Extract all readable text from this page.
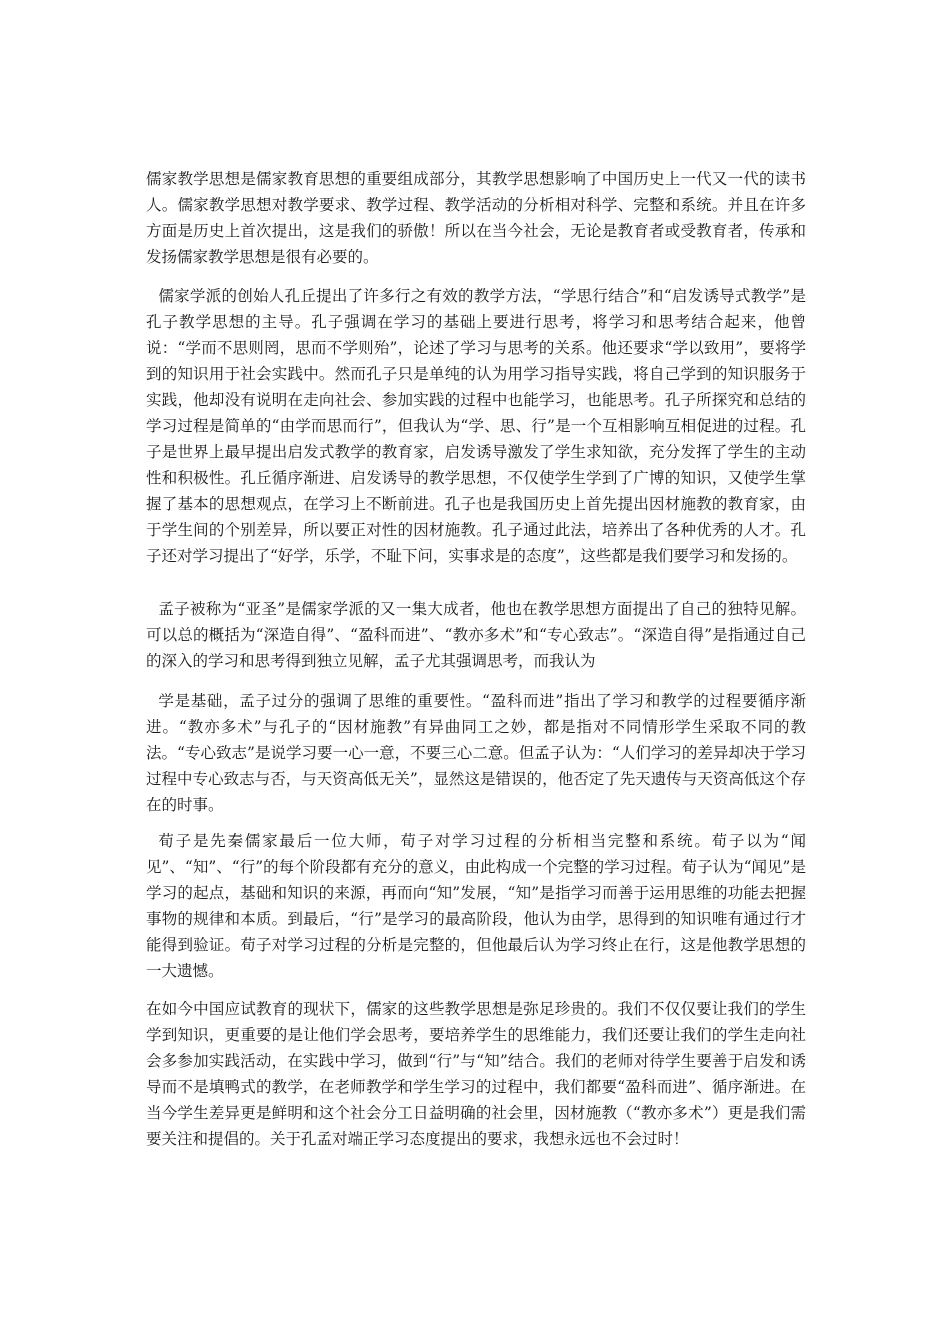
儒家教学思想是儒家教育思想的重要组成部分，其教学思想影响了中国历史上一代又一代的读书人。儒家教学思想对教学要求、教学过程、教学活动的分析相对科学、完整和系统。并且在许多方面是历史上首次提出，这是我们的骄傲！所以在当今社会，无论是教育者或受教育者，传承和发扬儒家教学思想是很有必要的。

儒家学派的创始人孔丘提出了许多行之有效的教学方法，“学思行结合”和“启发诱导式教学”是孔子教学思想的主导。孔子强调在学习的基础上要进行思考，将学习和思考结合起来，他曾说：“学而不思则罔，思而不学则殆”，论述了学习与思考的关系。他还要求“学以致用”，要将学到的知识用于社会实践中。然而孔子只是单纯的认为用学习指导实践，将自己学到的知识服务于实践，他却没有说明在走向社会、参加实践的过程中也能学习，也能思考。孔子所探究和总结的学习过程是简单的“由学而思而行”，但我认为“学、思、行”是一个互相影响互相促进的过程。孔子是世界上最早提出启发式教学的教育家，启发诱导激发了学生求知欲，充分发挥了学生的主动性和积极性。孔丘循序渐进、启发诱导的教学思想，不仅使学生学到了广博的知识，又使学生掌握了基本的思想观点，在学习上不断前进。孔子也是我国历史上首先提出因材施教的教育家，由于学生间的个别差异，所以要正对性的因材施教。孔子通过此法，培养出了各种优秀的人才。孔子还对学习提出了“好学，乐学，不耻下问，实事求是的态度”，这些都是我们要学习和发扬的。

孟子被称为“亚圣”是儒家学派的又一集大成者，他也在教学思想方面提出了自己的独特见解。可以总的概括为“深造自得”、“盈科而进”、“教亦多术”和“专心致志”。“深造自得”是指通过自己的深入的学习和思考得到独立见解，孟子尤其强调思考，而我认为

学是基础，孟子过分的强调了思维的重要性。“盈科而进”指出了学习和教学的过程要循序渐进。“教亦多术”与孔子的“因材施教”有异曲同工之妙，都是指对不同情形学生采取不同的教法。“专心致志”是说学习要一心一意，不要三心二意。但孟子认为：“人们学习的差异却决于学习过程中专心致志与否，与天资高低无关”，显然这是错误的，他否定了先天遗传与天资高低这个存在的时事。

荀子是先秦儒家最后一位大师，荀子对学习过程的分析相当完整和系统。荀子以为“闻见”、“知”、“行”的每个阶段都有充分的意义，由此构成一个完整的学习过程。荀子认为“闻见”是学习的起点，基础和知识的来源，再而向“知”发展，“知”是指学习而善于运用思维的功能去把握事物的规律和本质。到最后，“行”是学习的最高阶段，他认为由学，思得到的知识唯有通过行才能得到验证。荀子对学习过程的分析是完整的，但他最后认为学习终止在行，这是他教学思想的一大遗憾。

在如今中国应试教育的现状下，儒家的这些教学思想是弥足珍贵的。我们不仅仅要让我们的学生学到知识，更重要的是让他们学会思考，要培养学生的思维能力，我们还要让我们的学生走向社会多参加实践活动，在实践中学习，做到“行”与“知”结合。我们的老师对待学生要善于启发和诱导而不是填鸭式的教学，在老师教学和学生学习的过程中，我们都要“盈科而进”、循序渐进。在当今学生差异更是鲜明和这个社会分工日益明确的社会里，因材施教（“教亦多术”）更是我们需要关注和提倡的。关于孔孟对端正学习态度提出的要求，我想永远也不会过时！
